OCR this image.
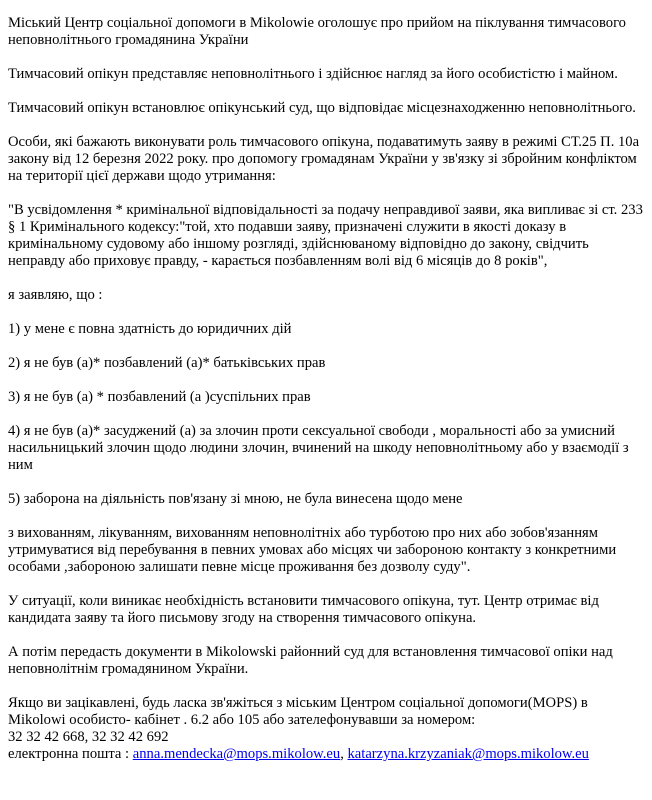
Міський Центр соціальної допомоги в Mikolowie оголошує про прийом на піклування тимчасового неповнолітнього громадянина України

Тимчасовий опікун представляє неповнолітнього і здійснює нагляд за його особистістю і майном.

Тимчасовий опікун встановлює опікунський суд, що відповідає місцезнаходженню неповнолітнього.

Особи, які бажають виконувати роль тимчасового опікуна, подаватимуть заяву в режимі СТ.25 П. 10а закону від 12 березня 2022 року. про допомогу громадянам України у зв'язку зі збройним конфліктом на території цієї держави щодо утримання:

"В усвідомлення * кримінальної відповідальності за подачу неправдивої заяви, яка випливає зі ст. 233 § 1 Кримінального кодексу:"той, хто подавши заяву, призначені служити в якості доказу в кримінальному судовому або іншому розгляді, здійснюваному відповідно до закону, свідчить неправду або приховує правду, - карається позбавленням волі від 6 місяців до 8 років",

я заявляю, що :

1) у мене є повна здатність до юридичних дій

2) я не був (а)* позбавлений (а)* батьківських прав

3) я не був (а) * позбавлений (а )суспільних прав

4) я не був (а)* засуджений (а) за злочин проти сексуальної свободи , моральності або за умисний насильницький злочин щодо людини злочин, вчинений на шкоду неповнолітньому або у взаємодії з ним

5) заборона на діяльність пов'язану зі мною, не була винесена щодо мене

з вихованням, лікуванням, вихованням неповнолітніх або турботою про них або зобов'язанням утримуватися від перебування в певних умовах або місцях чи забороною контакту з конкретними особами ,забороною залишати певне місце проживання без дозволу суду".

У ситуації, коли виникає необхідність встановити тимчасового опікуна, тут. Центр отримає від кандидата заяву та його письмову згоду на створення тимчасового опікуна.

А потім передасть документи в Mikolowski районний суд для встановлення тимчасової опіки над неповнолітнім громадянином України.

Якщо ви зацікавлені, будь ласка зв'яжіться з міським Центром соціальної допомоги(MOPS) в Mikolowi особисто- кабінет . 6.2 або 105 або зателефонувавши за номером:

32 32 42 668, 32 32 42 692

електронна пошта : anna.mendecka@mops.mikolow.eu, katarzyna.krzyzaniak@mops.mikolow.eu
